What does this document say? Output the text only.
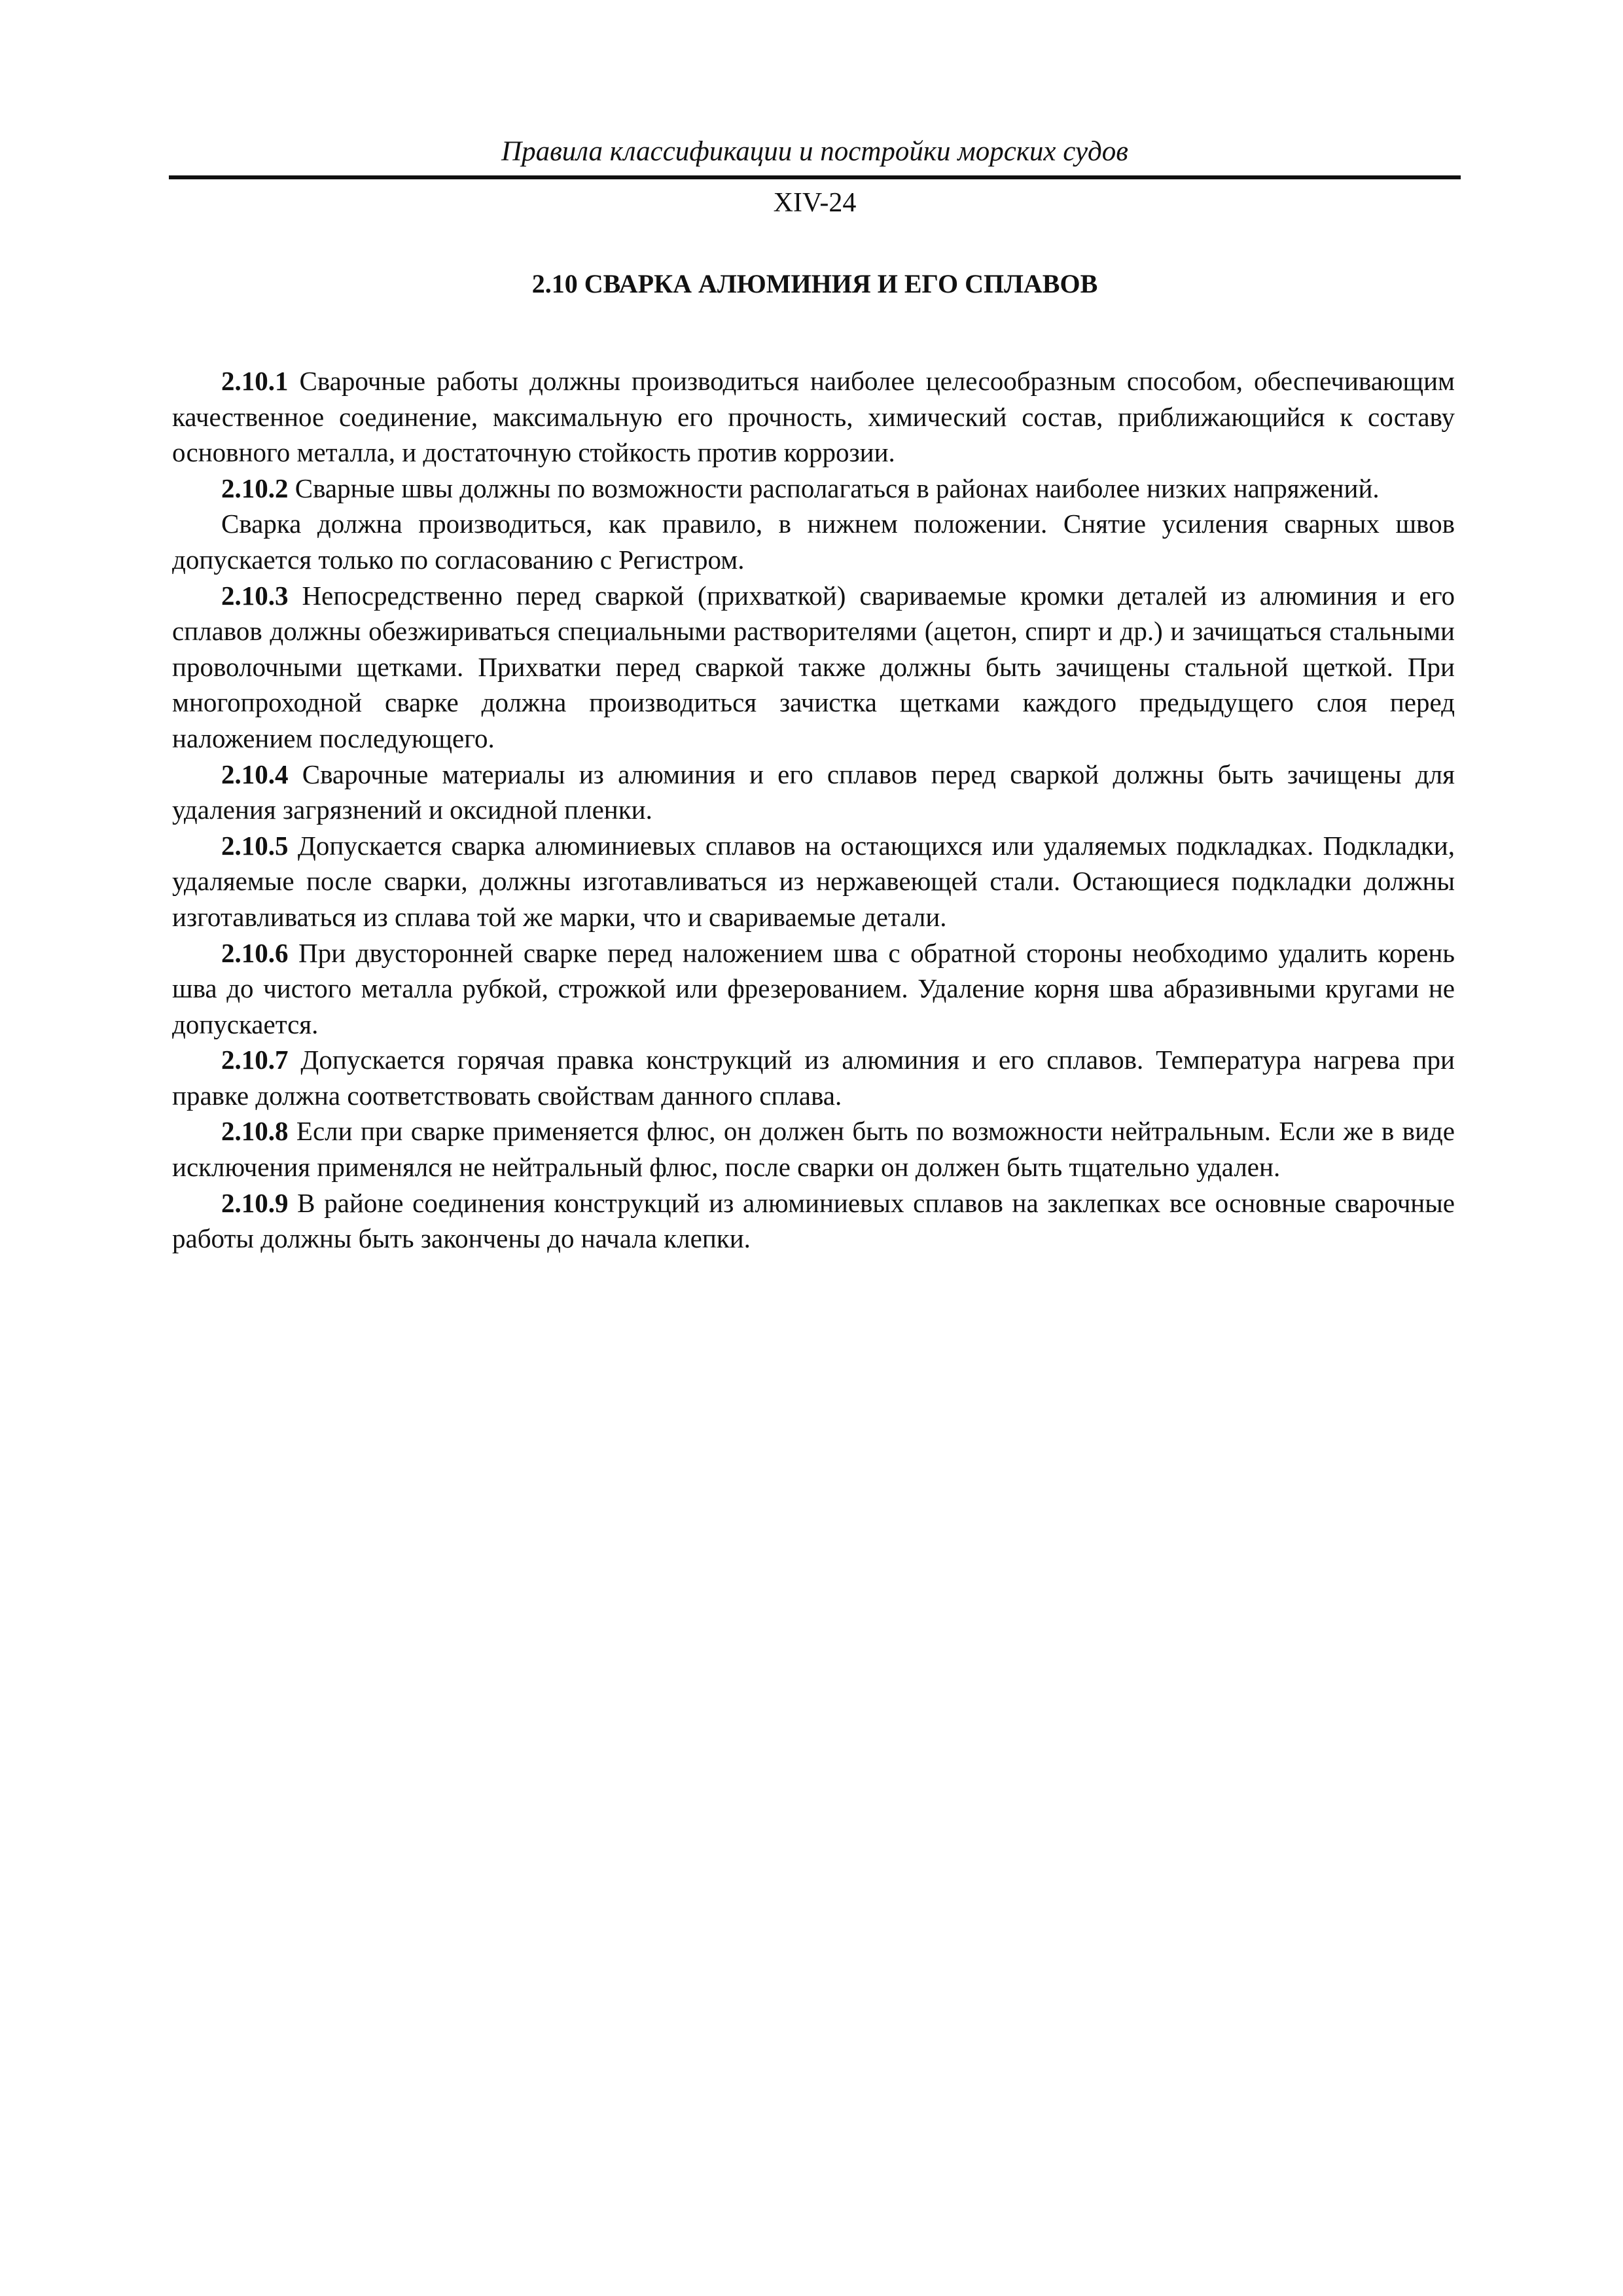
Правила классификации и постройки морских судов
XIV-24
2.10 СВАРКА АЛЮМИНИЯ И ЕГО СПЛАВОВ

2.10.1 Сварочные работы должны производиться наиболее целесообразным способом, обеспечивающим качественное соединение, максимальную его прочность, химический состав, приближающийся к составу основного металла, и достаточную стойкость против коррозии.

2.10.2 Сварные швы должны по возможности располагаться в районах наиболее низких напряжений.

Сварка должна производиться, как правило, в нижнем положении. Снятие усиления сварных швов допускается только по согласованию с Регистром.

2.10.3 Непосредственно перед сваркой (прихваткой) свариваемые кромки деталей из алюминия и его сплавов должны обезжириваться специальными растворителями (ацетон, спирт и др.) и зачищаться стальными проволочными щетками. Прихватки перед сваркой также должны быть зачищены стальной щеткой. При многопроходной сварке должна производиться зачистка щетками каждого предыдущего слоя перед наложением последующего.

2.10.4 Сварочные материалы из алюминия и его сплавов перед сваркой должны быть зачищены для удаления загрязнений и оксидной пленки.

2.10.5 Допускается сварка алюминиевых сплавов на остающихся или удаляемых подкладках. Подкладки, удаляемые после сварки, должны изготавливаться из нержавеющей стали. Остающиеся подкладки должны изготавливаться из сплава той же марки, что и свариваемые детали.

2.10.6 При двусторонней сварке перед наложением шва с обратной стороны необходимо удалить корень шва до чистого металла рубкой, строжкой или фрезерованием. Удаление корня шва абразивными кругами не допускается.

2.10.7 Допускается горячая правка конструкций из алюминия и его сплавов. Температура нагрева при правке должна соответствовать свойствам данного сплава.

2.10.8 Если при сварке применяется флюс, он должен быть по возможности нейтральным. Если же в виде исключения применялся не нейтральный флюс, после сварки он должен быть тщательно удален.

2.10.9 В районе соединения конструкций из алюминиевых сплавов на заклепках все основные сварочные работы должны быть закончены до начала клепки.
